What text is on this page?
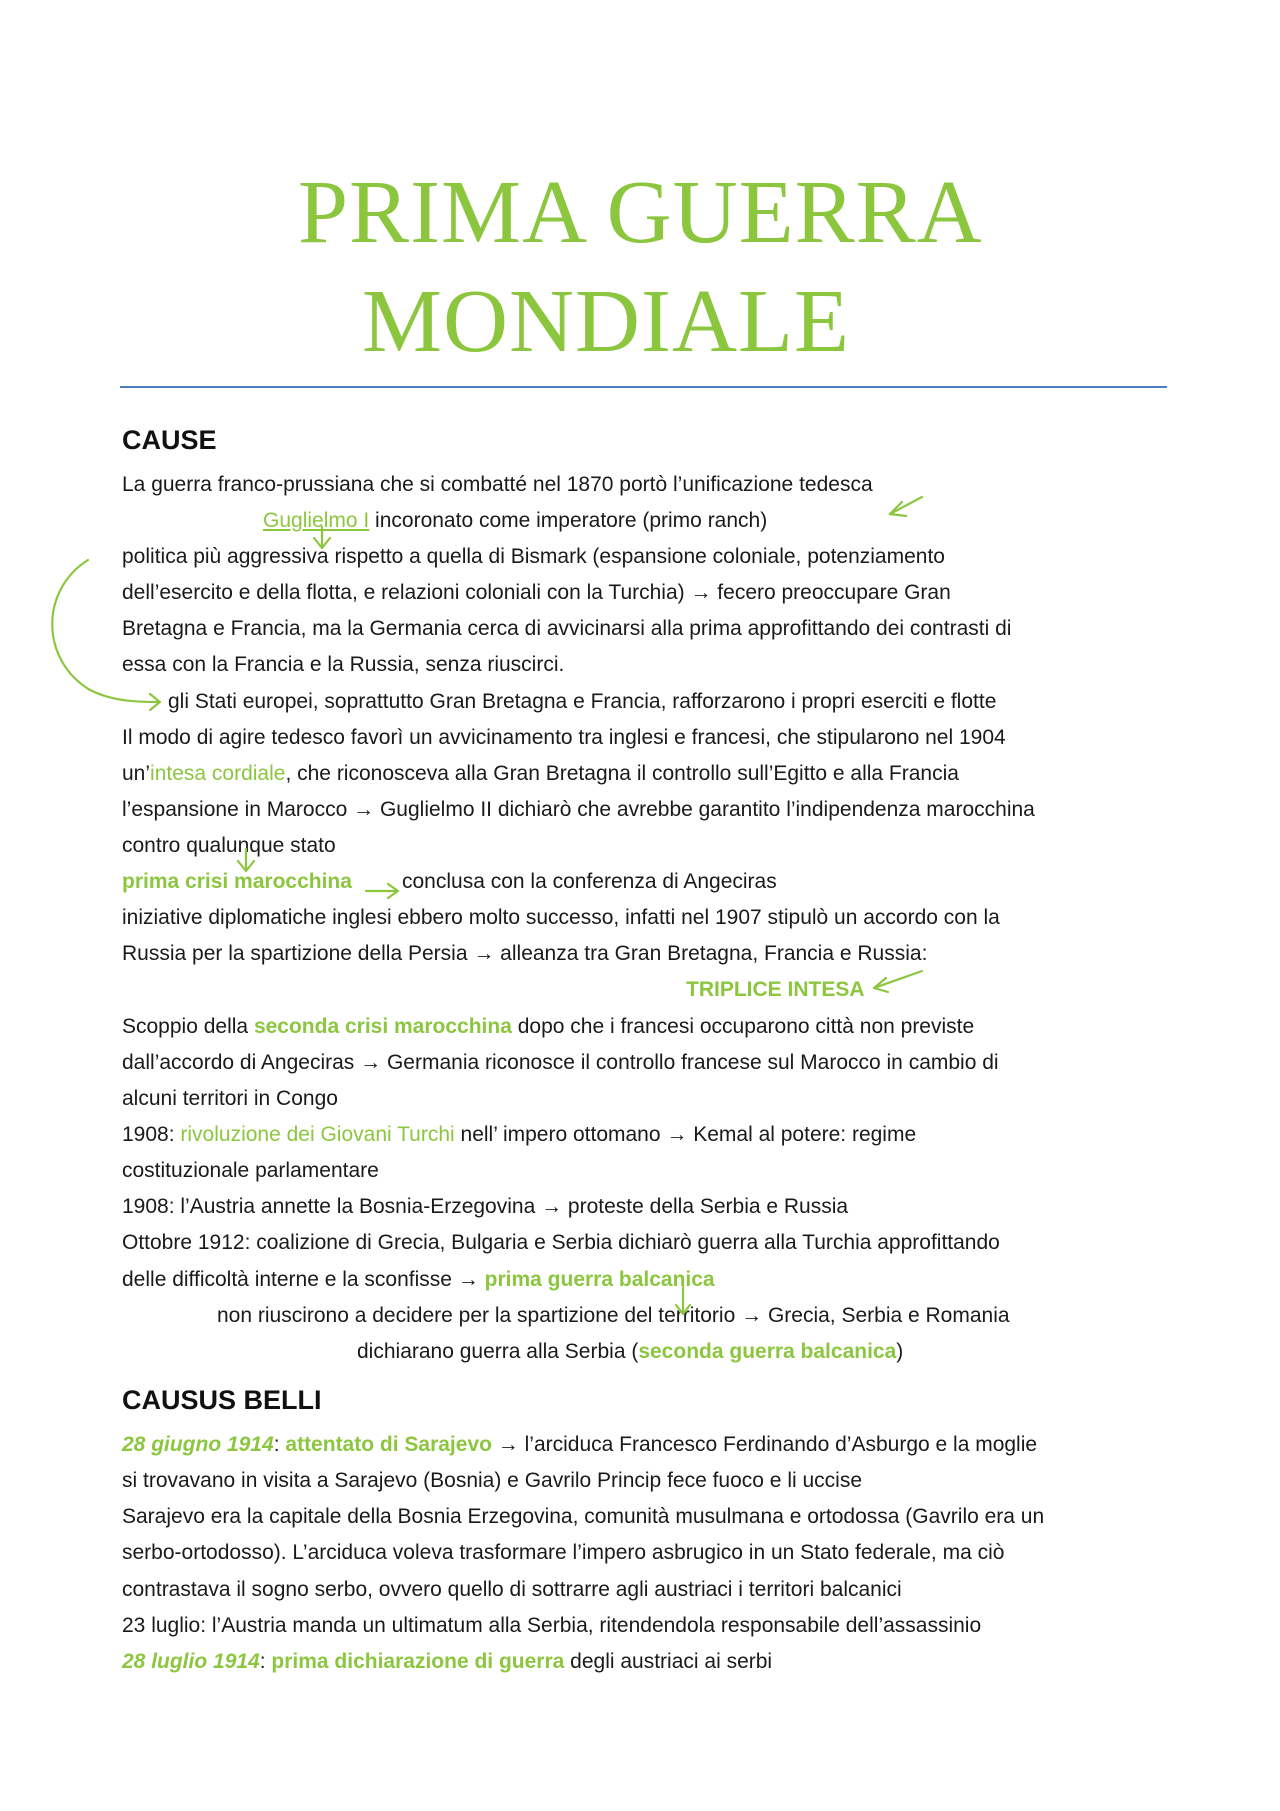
PRIMA GUERRA
MONDIALE
CAUSE
La guerra franco-prussiana che si combatté nel 1870 portò l’unificazione tedesca
Guglielmo I incoronato come imperatore (primo ranch)
politica più aggressiva rispetto a quella di Bismark (espansione coloniale, potenziamento
dell’esercito e della flotta, e relazioni coloniali con la Turchia) → fecero preoccupare Gran
Bretagna e Francia, ma la Germania cerca di avvicinarsi alla prima approfittando dei contrasti di
essa con la Francia e la Russia, senza riuscirci.
gli Stati europei, soprattutto Gran Bretagna e Francia, rafforzarono i propri eserciti e flotte
Il modo di agire tedesco favorì un avvicinamento tra inglesi e francesi, che stipularono nel 1904
un’intesa cordiale, che riconosceva alla Gran Bretagna il controllo sull’Egitto e alla Francia
l’espansione in Marocco → Guglielmo II dichiarò che avrebbe garantito l’indipendenza marocchina
contro qualunque stato
prima crisi marocchina conclusa con la conferenza di Angeciras
iniziative diplomatiche inglesi ebbero molto successo, infatti nel 1907 stipulò un accordo con la
Russia per la spartizione della Persia → alleanza tra Gran Bretagna, Francia e Russia:
TRIPLICE INTESA
Scoppio della seconda crisi marocchina dopo che i francesi occuparono città non previste
dall’accordo di Angeciras → Germania riconosce il controllo francese sul Marocco in cambio di
alcuni territori in Congo
1908: rivoluzione dei Giovani Turchi nell’ impero ottomano → Kemal al potere: regime
costituzionale parlamentare
1908: l’Austria annette la Bosnia-Erzegovina → proteste della Serbia e Russia
Ottobre 1912: coalizione di Grecia, Bulgaria e Serbia dichiarò guerra alla Turchia approfittando
delle difficoltà interne e la sconfisse → prima guerra balcanica
non riuscirono a decidere per la spartizione del territorio → Grecia, Serbia e Romania
dichiarano guerra alla Serbia (seconda guerra balcanica)
CAUSUS BELLI
28 giugno 1914: attentato di Sarajevo → l’arciduca Francesco Ferdinando d’Asburgo e la moglie
si trovavano in visita a Sarajevo (Bosnia) e Gavrilo Princip fece fuoco e li uccise
Sarajevo era la capitale della Bosnia Erzegovina, comunità musulmana e ortodossa (Gavrilo era un
serbo-ortodosso). L’arciduca voleva trasformare l’impero asbrugico in un Stato federale, ma ciò
contrastava il sogno serbo, ovvero quello di sottrarre agli austriaci i territori balcanici
23 luglio: l’Austria manda un ultimatum alla Serbia, ritendendola responsabile dell’assassinio
28 luglio 1914: prima dichiarazione di guerra degli austriaci ai serbi
